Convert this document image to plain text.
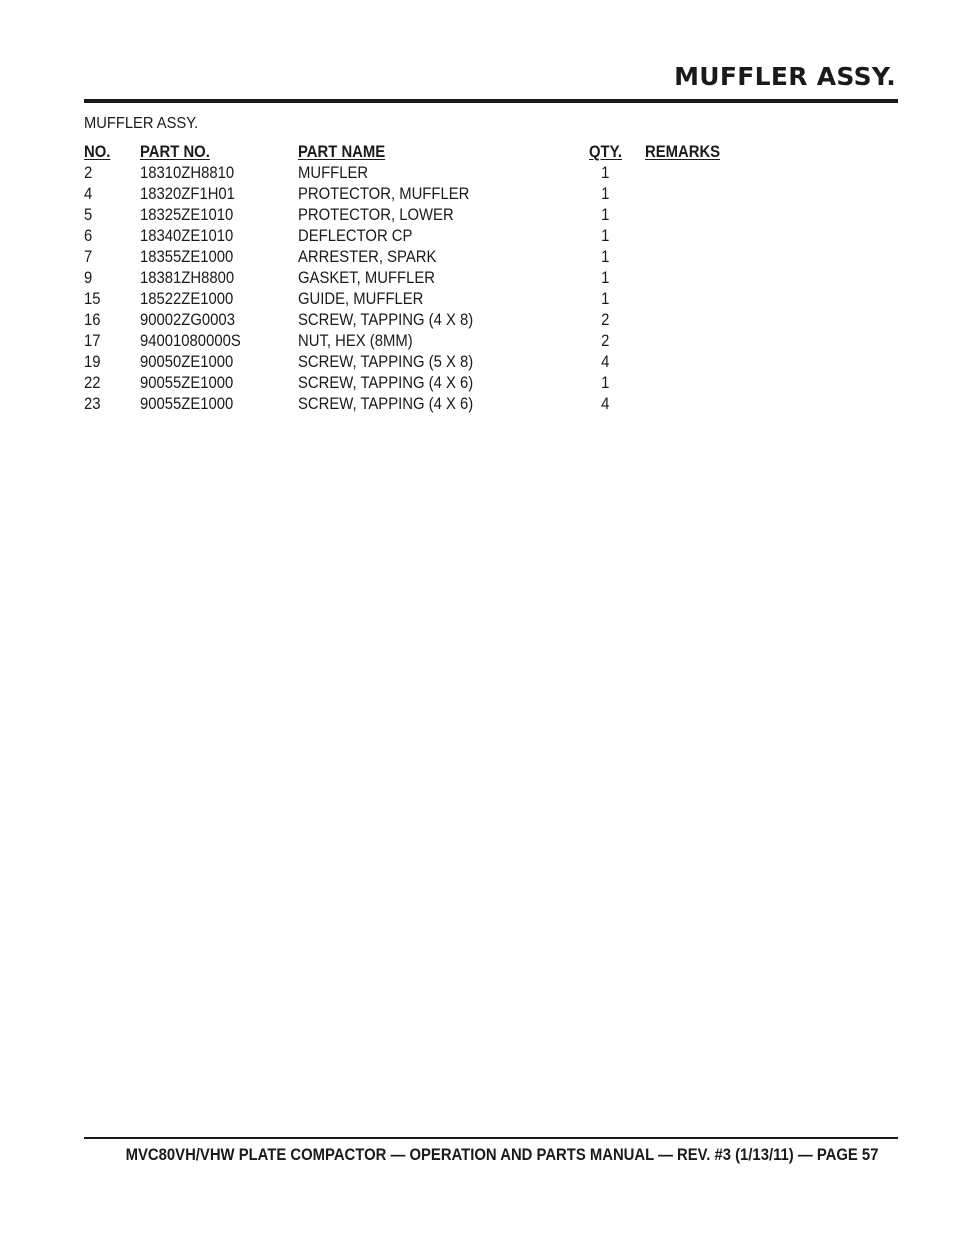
MUFFLER ASSY.
MUFFLER ASSY.
NO. PART NO.	PART NAME	QTY. REMARKS
2	18310ZH8810	MUFFLER	1
4	18320ZF1H01	PROTECTOR, MUFFLER	1
5	18325ZE1010	PROTECTOR, LOWER	1
6	18340ZE1010	DEFLECTOR CP	1
7	18355ZE1000	ARRESTER, SPARK	1
9	18381ZH8800	GASKET, MUFFLER	1
15 18522ZE1000	GUIDE, MUFFLER	1
16 90002ZG0003	SCREW, TAPPING (4 X 8)	2
17 94001080000S	NUT, HEX (8MM)	2
19 90050ZE1000	SCREW, TAPPING (5 X 8)	4
22 90055ZE1000	SCREW, TAPPING (4 X 6)	1
23 90055ZE1000	SCREW, TAPPING (4 X 6)	4
MVC80VH/VHW PLATE COMPACTOR — OPERATION AND PARTS MANUAL — REV. #3 (1/13/11) — PAGE 57
